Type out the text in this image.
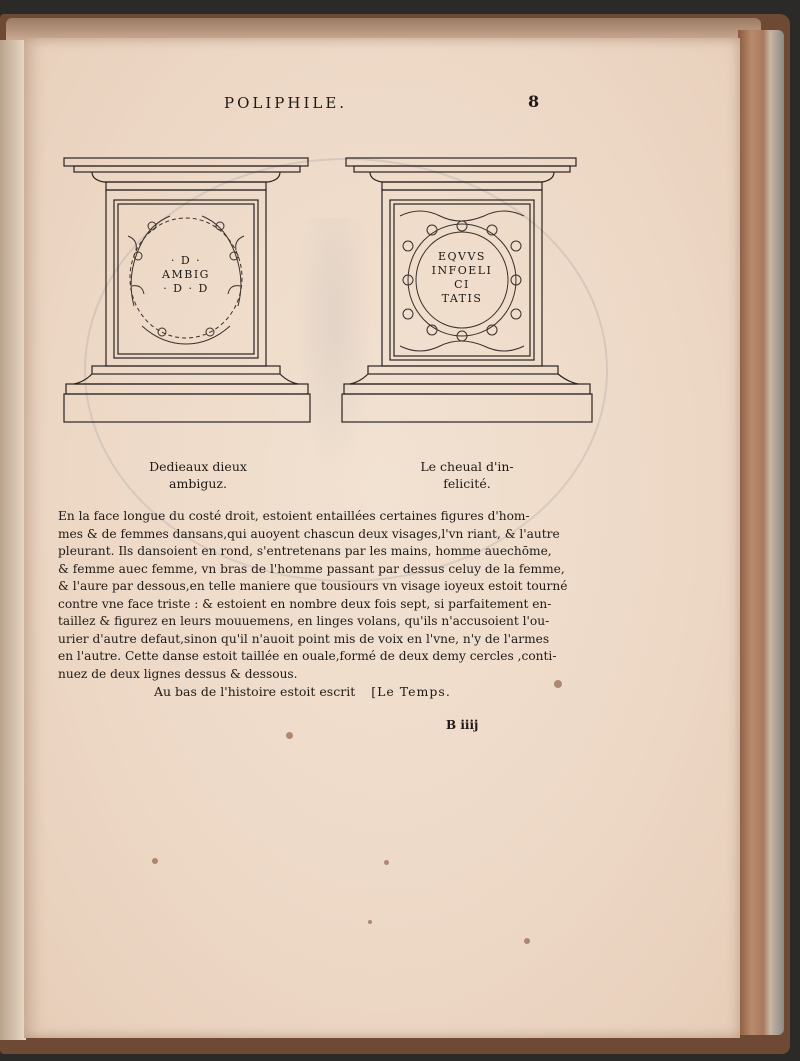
POLIPHILE.	8
· D ·
AMBIG
· D · D
EQVVS
INFOELI
CI
TATIS
Dedieaux dieux
ambiguz.
Le cheual d'in-
felicité.
En la face longue du costé droit, estoient entaillées certaines figures d'hom-
mes & de femmes dansans,qui auoyent chascun deux visages,l'vn riant, & l'autre
pleurant. Ils dansoient en rond, s'entretenans par les mains, homme auechōme,
& femme auec femme, vn bras de l'homme passant par dessus celuy de la femme,
& l'aure par dessous,en telle maniere que tousiours vn visage ioyeux estoit tourné
contre vne face triste : & estoient en nombre deux fois sept, si parfaitement en-
taillez & figurez en leurs mouuemens, en linges volans, qu'ils n'accusoient l'ou-
urier d'autre defaut,sinon qu'il n'auoit point mis de voix en l'vne, n'y de l'armes
en l'autre. Cette danse estoit taillée en ouale,formé de deux demy cercles ,conti-
nuez de deux lignes dessus & dessous.
Au bas de l'histoire estoit escrit [Le Temps.
B iiij
